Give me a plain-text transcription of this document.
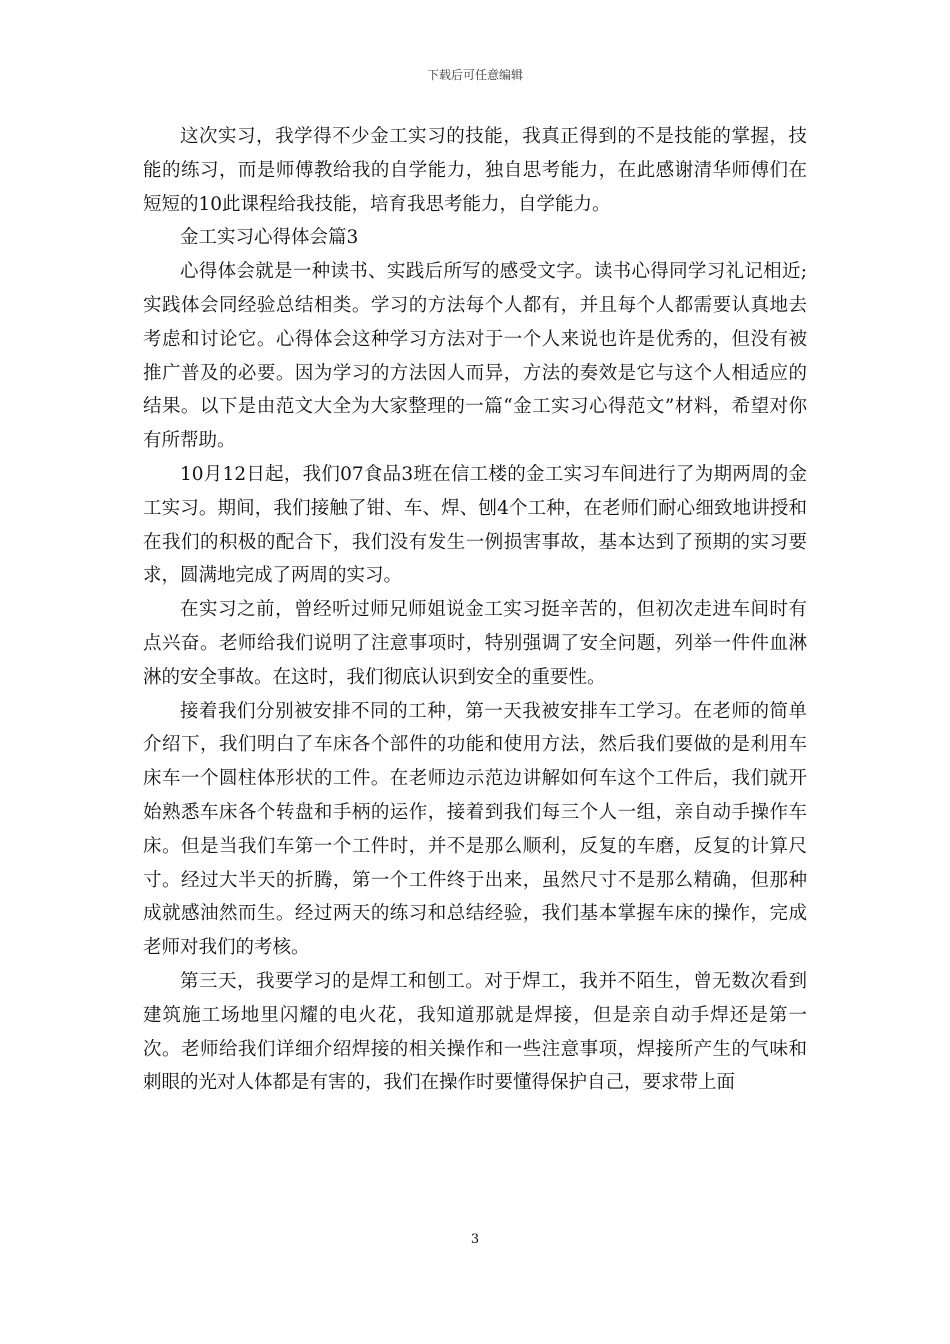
下载后可任意编辑

这次实习，我学得不少金工实习的技能，我真正得到的不是技能的掌握，技能的练习，而是师傅教给我的自学能力，独自思考能力，在此感谢清华师傅们在短短的10此课程给我技能，培育我思考能力，自学能力。

金工实习心得体会篇3

心得体会就是一种读书、实践后所写的感受文字。读书心得同学习礼记相近;实践体会同经验总结相类。学习的方法每个人都有，并且每个人都需要认真地去考虑和讨论它。心得体会这种学习方法对于一个人来说也许是优秀的，但没有被推广普及的必要。因为学习的方法因人而异，方法的奏效是它与这个人相适应的结果。以下是由范文大全为大家整理的一篇“金工实习心得范文”材料，希望对你有所帮助。

10月12日起，我们07食品3班在信工楼的金工实习车间进行了为期两周的金工实习。期间，我们接触了钳、车、焊、刨4个工种，在老师们耐心细致地讲授和在我们的积极的配合下，我们没有发生一例损害事故，基本达到了预期的实习要求，圆满地完成了两周的实习。

在实习之前，曾经听过师兄师姐说金工实习挺辛苦的，但初次走进车间时有点兴奋。老师给我们说明了注意事项时，特别强调了安全问题，列举一件件血淋淋的安全事故。在这时，我们彻底认识到安全的重要性。

接着我们分别被安排不同的工种，第一天我被安排车工学习。在老师的简单介绍下，我们明白了车床各个部件的功能和使用方法，然后我们要做的是利用车床车一个圆柱体形状的工件。在老师边示范边讲解如何车这个工件后，我们就开始熟悉车床各个转盘和手柄的运作，接着到我们每三个人一组，亲自动手操作车床。但是当我们车第一个工件时，并不是那么顺利，反复的车磨，反复的计算尺寸。经过大半天的折腾，第一个工件终于出来，虽然尺寸不是那么精确，但那种成就感油然而生。经过两天的练习和总结经验，我们基本掌握车床的操作，完成老师对我们的考核。

第三天，我要学习的是焊工和刨工。对于焊工，我并不陌生，曾无数次看到建筑施工场地里闪耀的电火花，我知道那就是焊接，但是亲自动手焊还是第一次。老师给我们详细介绍焊接的相关操作和一些注意事项，焊接所产生的气味和刺眼的光对人体都是有害的，我们在操作时要懂得保护自己，要求带上面

3
